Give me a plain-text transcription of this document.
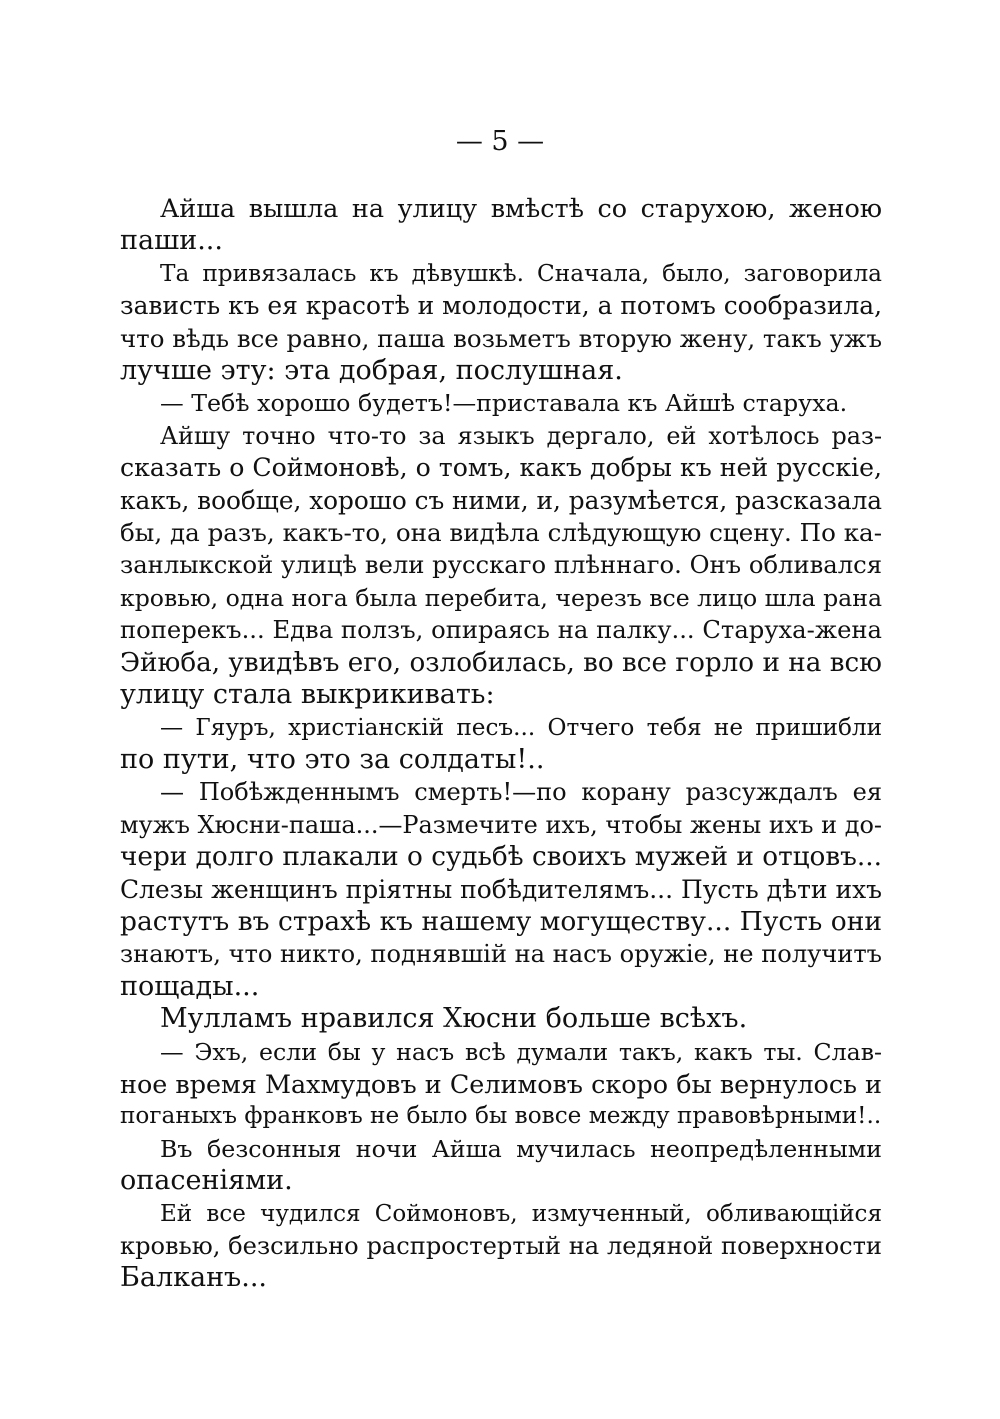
— 5 —
Айша вышла на улицу вмѣстѣ со старухою, женою
паши...
Та привязалась къ дѣвушкѣ. Сначала, было, заговорила
зависть къ ея красотѣ и молодости, а потомъ сообразила,
что вѣдь все равно, паша возьметъ вторую жену, такъ ужъ
лучше эту: эта добрая, послушная.
— Тебѣ хорошо будетъ!—приставала къ Айшѣ старуха.
Айшу точно что-то за языкъ дергало, ей хотѣлось раз-
сказать о Соймоновѣ, о томъ, какъ добры къ ней русскіе,
какъ, вообще, хорошо съ ними, и, разумѣется, разсказала
бы, да разъ, какъ-то, она видѣла слѣдующую сцену. По ка-
занлыкской улицѣ вели русскаго плѣннаго. Онъ обливался
кровью, одна нога была перебита, черезъ все лицо шла рана
поперекъ... Едва ползъ, опираясь на палку... Старуха-жена
Эйюба, увидѣвъ его, озлобилась, во все горло и на всю
улицу стала выкрикивать:
— Гяуръ, христіанскій песъ... Отчего тебя не пришибли
по пути, что это за солдаты!..
— Побѣжденнымъ смерть!—по корану разсуждалъ ея
мужъ Хюсни-паша...—Размечите ихъ, чтобы жены ихъ и до-
чери долго плакали о судьбѣ своихъ мужей и отцовъ...
Слезы женщинъ пріятны побѣдителямъ... Пусть дѣти ихъ
растутъ въ страхѣ къ нашему могуществу... Пусть они
знаютъ, что никто, поднявшій на насъ оружіе, не получитъ
пощады...
Мулламъ нравился Хюсни больше всѣхъ.
— Эхъ, если бы у насъ всѣ думали такъ, какъ ты. Слав-
ное время Махмудовъ и Селимовъ скоро бы вернулось и
поганыхъ франковъ не было бы вовсе между правовѣрными!..
Въ безсонныя ночи Айша мучилась неопредѣленными
опасеніями.
Ей все чудился Соймоновъ, измученный, обливающійся
кровью, безсильно распростертый на ледяной поверхности
Балканъ...
